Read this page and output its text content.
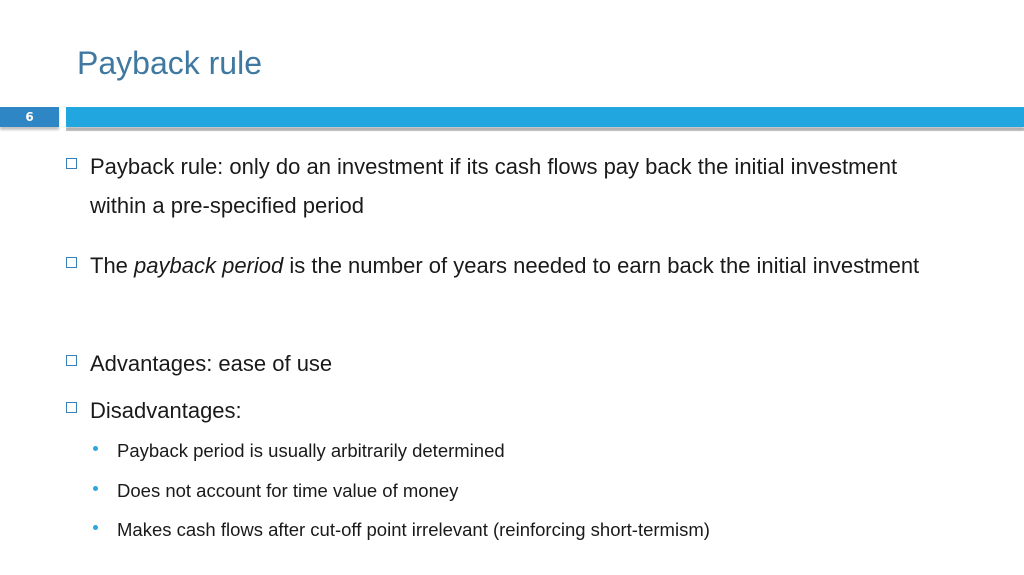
Payback rule
6
Payback rule: only do an investment if its cash flows pay back the initial investment within a pre-specified period
The payback period is the number of years needed to earn back the initial investment
Advantages: ease of use
Disadvantages:
Payback period is usually arbitrarily determined
Does not account for time value of money
Makes cash flows after cut-off point irrelevant (reinforcing short-termism)
